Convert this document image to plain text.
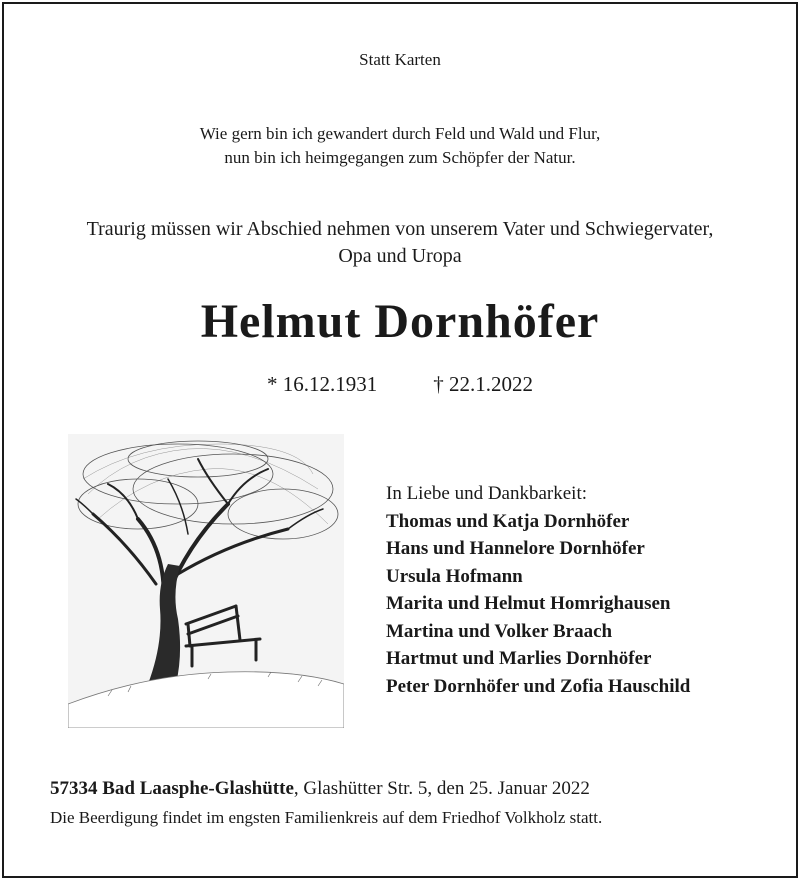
Statt Karten
Wie gern bin ich gewandert durch Feld und Wald und Flur,
nun bin ich heimgegangen zum Schöpfer der Natur.
Traurig müssen wir Abschied nehmen von unserem Vater und Schwiegervater,
Opa und Uropa
Helmut Dornhöfer
* 16.12.1931	† 22.1.2022
In Liebe und Dankbarkeit:
Thomas und Katja Dornhöfer
Hans und Hannelore Dornhöfer
Ursula Hofmann
Marita und Helmut Homrighausen
Martina und Volker Braach
Hartmut und Marlies Dornhöfer
Peter Dornhöfer und Zofia Hauschild
57334 Bad Laasphe-Glashütte, Glashütter Str. 5, den 25. Januar 2022
Die Beerdigung findet im engsten Familienkreis auf dem Friedhof Volkholz statt.
